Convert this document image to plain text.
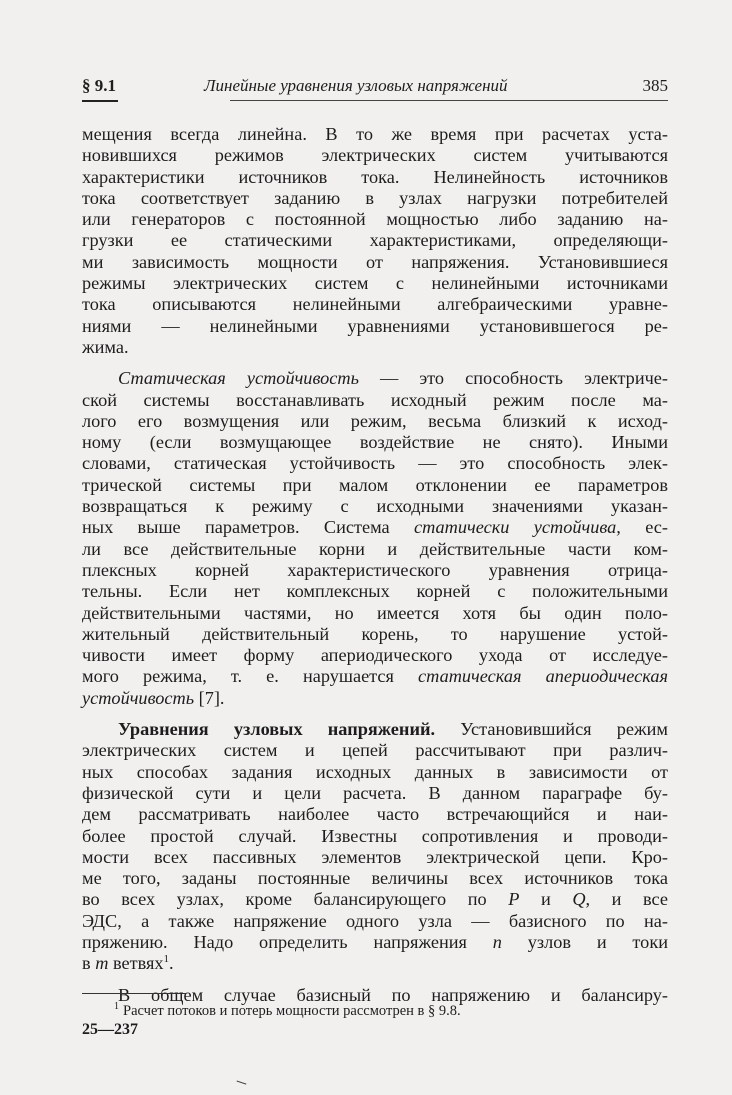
§ 9.1	Линейные уравнения узловых напряжений	385

мещения всегда линейна. В то же время при расчетах уста-
новившихся режимов электрических систем учитываются
характеристики источников тока. Нелинейность источников
тока соответствует заданию в узлах нагрузки потребителей
или генераторов с постоянной мощностью либо заданию на-
грузки ее статическими характеристиками, определяющи-
ми зависимость мощности от напряжения. Установившиеся
режимы электрических систем с нелинейными источниками
тока описываются нелинейными алгебраическими уравне-
ниями — нелинейными уравнениями установившегося ре-
жима.

Статическая устойчивость — это способность электриче-
ской системы восстанавливать исходный режим после ма-
лого его возмущения или режим, весьма близкий к исход-
ному (если возмущающее воздействие не снято). Иными
словами, статическая устойчивость — это способность элек-
трической системы при малом отклонении ее параметров
возвращаться к режиму с исходными значениями указан-
ных выше параметров. Система статически устойчива, ес-
ли все действительные корни и действительные части ком-
плексных корней характеристического уравнения отрица-
тельны. Если нет комплексных корней с положительными
действительными частями, но имеется хотя бы один поло-
жительный действительный корень, то нарушение устой-
чивости имеет форму апериодического ухода от исследуе-
мого режима, т. е. нарушается статическая апериодическая
устойчивость [7].

Уравнения узловых напряжений. Установившийся режим
электрических систем и цепей рассчитывают при различ-
ных способах задания исходных данных в зависимости от
физической сути и цели расчета. В данном параграфе бу-
дем рассматривать наиболее часто встречающийся и наи-
более простой случай. Известны сопротивления и проводи-
мости всех пассивных элементов электрической цепи. Кро-
ме того, заданы постоянные величины всех источников тока
во всех узлах, кроме балансирующего по P и Q, и все
ЭДС, а также напряжение одного узла — базисного по на-
пряжению. Надо определить напряжения n узлов и токи
в m ветвях$^1$.

В общем случае базисный по напряжению и балансиру-

$^1$ Расчет потоков и потерь мощности рассмотрен в § 9.8.
25—237
